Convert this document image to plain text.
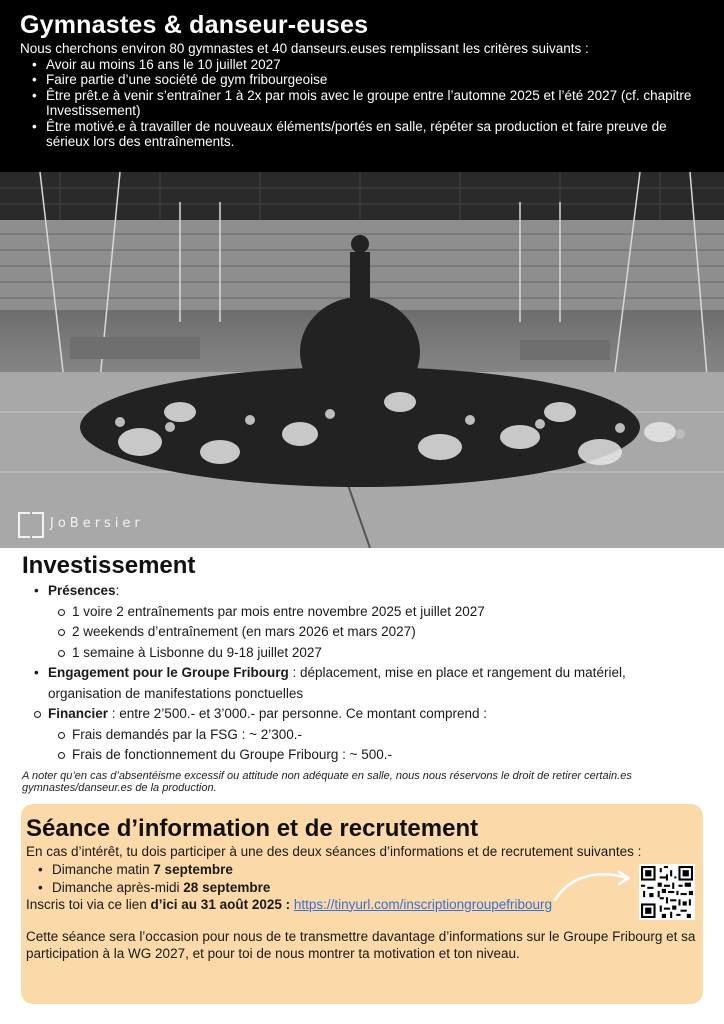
Gymnastes & danseur-euses

Nous cherchons environ 80 gymnastes et 40 danseurs.euses remplissant les critères suivants :

• Avoir au moins 16 ans le 10 juillet 2027
• Faire partie d’une société de gym fribourgeoise
• Être prêt.e à venir s’entraîner 1 à 2x par mois avec le groupe entre l’automne 2025 et l’été 2027 (cf. chapitre Investissement)
• Être motivé.e à travailler de nouveaux éléments/portés en salle, répéter sa production et faire preuve de sérieux lors des entraînements.
JoBersier
Investissement
• Présences:
1 voire 2 entraînements par mois entre novembre 2025 et juillet 2027
2 weekends d’entraînement (en mars 2026 et mars 2027)
1 semaine à Lisbonne du 9-18 juillet 2027
• Engagement pour le Groupe Fribourg : déplacement, mise en place et rangement du matériel, organisation de manifestations ponctuelles
Financier : entre 2’500.- et 3’000.- par personne. Ce montant comprend :
Frais demandés par la FSG : ~ 2’300.-
Frais de fonctionnement du Groupe Fribourg : ~ 500.-

A noter qu’en cas d’absentéisme excessif ou attitude non adéquate en salle, nous nous réservons le droit de retirer certain.es gymnastes/danseur.es de la production.

Séance d’information et de recrutement

En cas d’intérêt, tu dois participer à une des deux séances d’informations et de recrutement suivantes :

• Dimanche matin 7 septembre
• Dimanche après-midi 28 septembre

Inscris toi via ce lien d’ici au 31 août 2025 : https://tinyurl.com/inscriptiongroupefribourg

Cette séance sera l’occasion pour nous de te transmettre davantage d’informations sur le Groupe Fribourg et sa participation à la WG 2027, et pour toi de nous montrer ta motivation et ton niveau.
